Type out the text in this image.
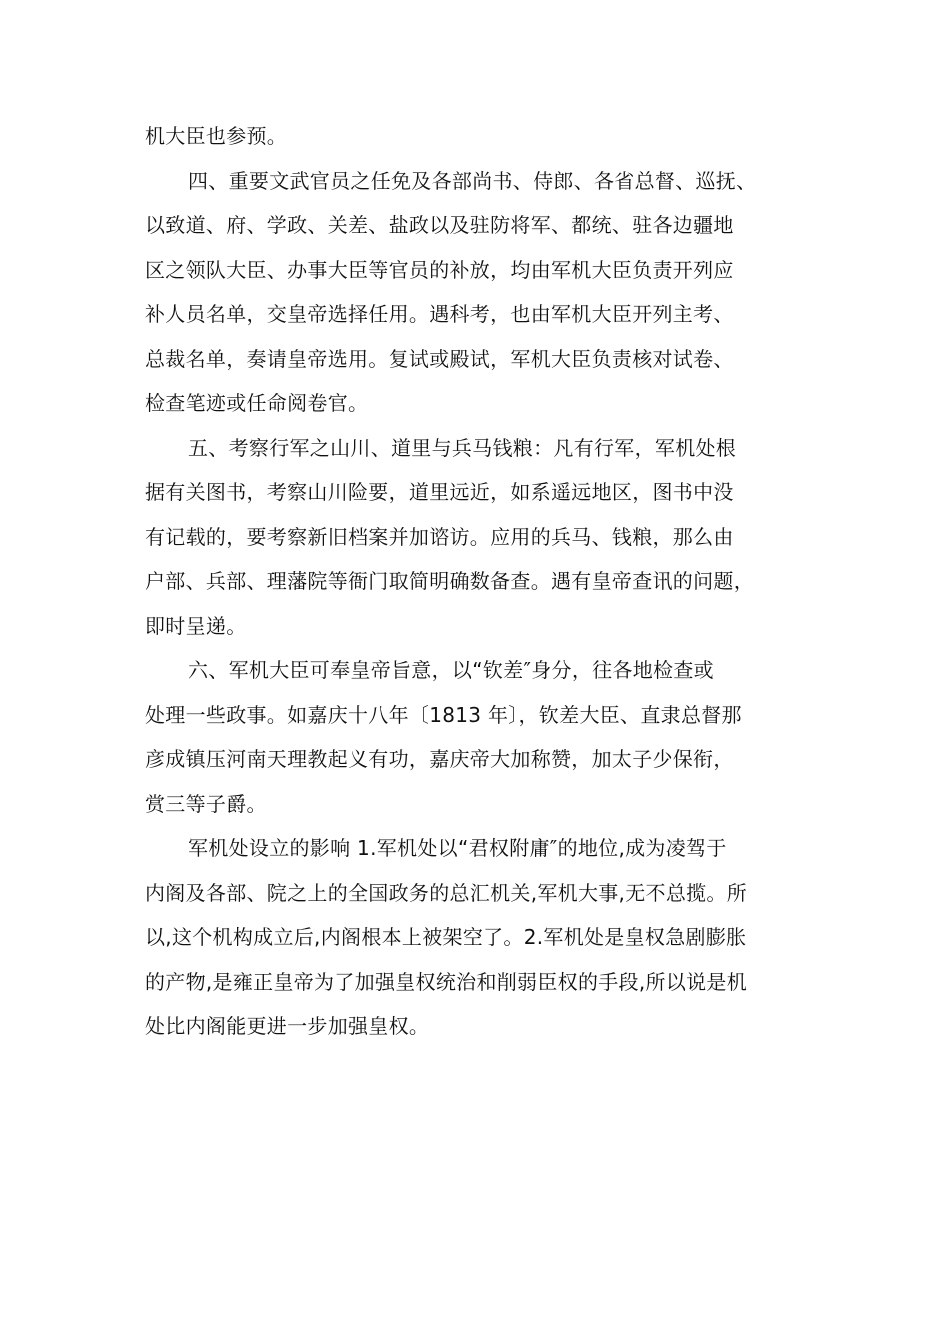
机大臣也参预。
四、重要文武官员之任免及各部尚书、侍郎、各省总督、巡抚、
以致道、府、学政、关差、盐政以及驻防将军、都统、驻各边疆地
区之领队大臣、办事大臣等官员的补放，均由军机大臣负责开列应
补人员名单，交皇帝选择任用。遇科考，也由军机大臣开列主考、
总裁名单，奏请皇帝选用。复试或殿试，军机大臣负责核对试卷、
检查笔迹或任命阅卷官。
五、考察行军之山川、道里与兵马钱粮：凡有行军，军机处根
据有关图书，考察山川险要，道里远近，如系遥远地区，图书中没
有记载的，要考察新旧档案并加谘访。应用的兵马、钱粮，那么由
户部、兵部、理藩院等衙门取简明确数备查。遇有皇帝查讯的问题，
即时呈递。
六、军机大臣可奉皇帝旨意，以“钦差″身分，往各地检查或
处理一些政事。如嘉庆十八年〔1813 年〕，钦差大臣、直隶总督那
彦成镇压河南天理教起义有功，嘉庆帝大加称赞，加太子少保衔，
赏三等子爵。
军机处设立的影响 1.军机处以“君权附庸″的地位,成为凌驾于
内阁及各部、院之上的全国政务的总汇机关,军机大事,无不总揽。所
以,这个机构成立后,内阁根本上被架空了。2.军机处是皇权急剧膨胀
的产物,是雍正皇帝为了加强皇权统治和削弱臣权的手段,所以说是机
处比内阁能更进一步加强皇权。
